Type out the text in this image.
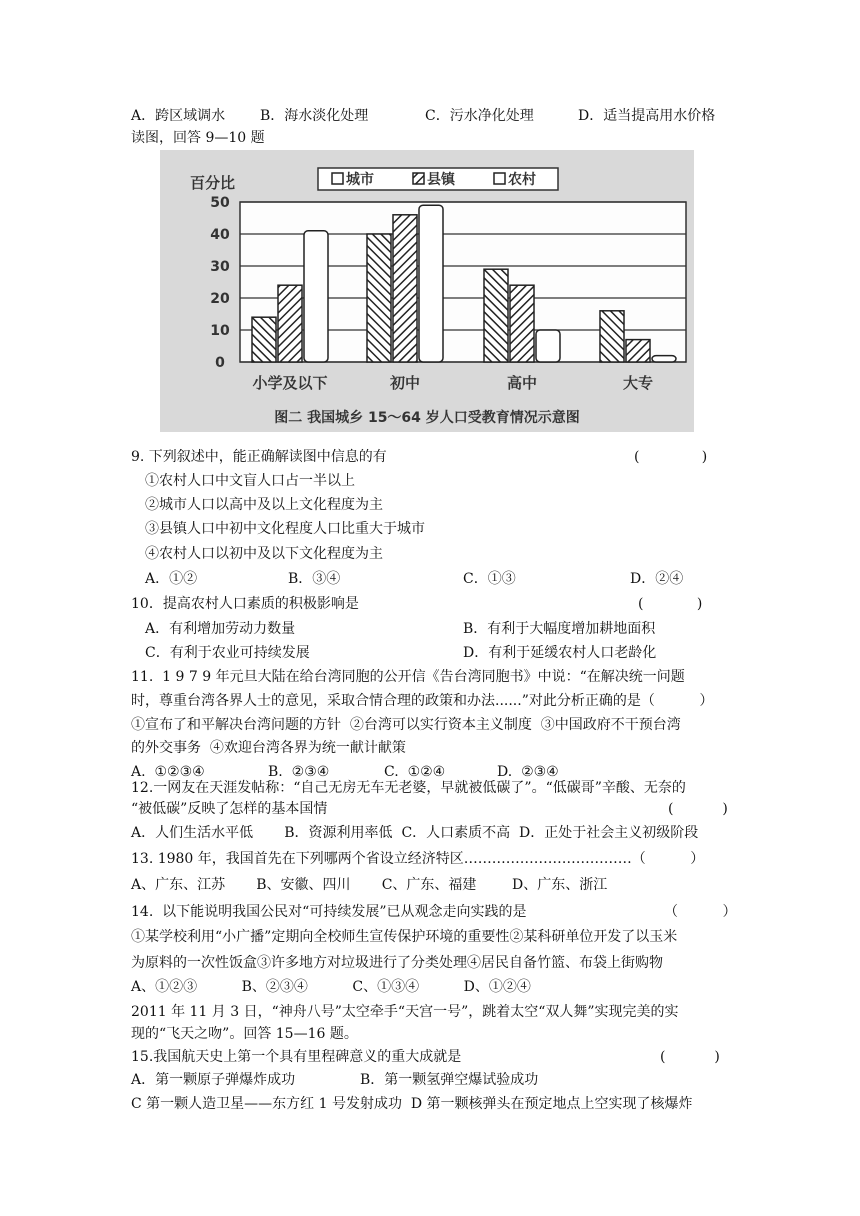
A．跨区域调水 B．海水淡化处理	C．污水净化处理	D．适当提高用水价格
读图，回答 9—10 题
0
10
20
30
40
50
百分比	城市	县镇	农村
小学及以下	初中	高中	大专
图二 我国城乡 15～64 岁人口受教育情况示意图
9. 下列叙述中，能正确解读图中信息的有	(              )
①农村人口中文盲人口占一半以上
②城市人口以高中及以上文化程度为主
③县镇人口中初中文化程度人口比重大于城市
④农村人口以初中及以下文化程度为主
A．①②	B．③④	C．①③	D．②④
10．提高农村人口素质的积极影响是	(            )
A．有利增加劳动力数量	B．有利于大幅度增加耕地面积
C．有利于农业可持续发展	D．有利于延缓农村人口老龄化
11.  1 9 7 9 年元旦大陆在给台湾同胞的公开信《告台湾同胞书》中说：“在解决统一问题
时，尊重台湾各界人士的意见，采取合情合理的政策和办法......”对此分析正确的是（          ）
①宣布了和平解决台湾问题的方针  ②台湾可以实行资本主义制度  ③中国政府不干预台湾
的外交事务  ④欢迎台湾各界为统一献计献策
A.  ①②③④	B.  ②③④	C.  ①②④	D.  ②③④
12.一网友在天涯发帖称：“自己无房无车无老婆，早就被低碳了”。“低碳哥”辛酸、无奈的
“被低碳”反映了怎样的基本国情	(           )
A．人们生活水平低       B．资源利用率低  C．人口素质不高  D．正处于社会主义初级阶段
13. 1980 年，我国首先在下列哪两个省设立经济特区………………………………（          ）
A、广东、江苏       B、安徽、四川       C、广东、福建        D、广东、浙江
14.  以下能说明我国公民对“可持续发展”已从观念走向实践的是	（          ）
①某学校利用“小广播”定期向全校师生宣传保护环境的重要性②某科研单位开发了以玉米
为原料的一次性饭盒③许多地方对垃圾进行了分类处理④居民自备竹篮、布袋上街购物
A、①②③          B、②③④          C、①③④          D、①②④
2011 年 11 月 3 日，“神舟八号”太空牵手“天宫一号”，跳着太空“双人舞”实现完美的实
现的“飞天之吻”。回答 15—16 题。
15.我国航天史上第一个具有里程碑意义的重大成就是	(           )
A．第一颗原子弹爆炸成功	B．第一颗氢弹空爆试验成功
C 第一颗人造卫星——东方红 1 号发射成功  D 第一颗核弹头在预定地点上空实现了核爆炸
